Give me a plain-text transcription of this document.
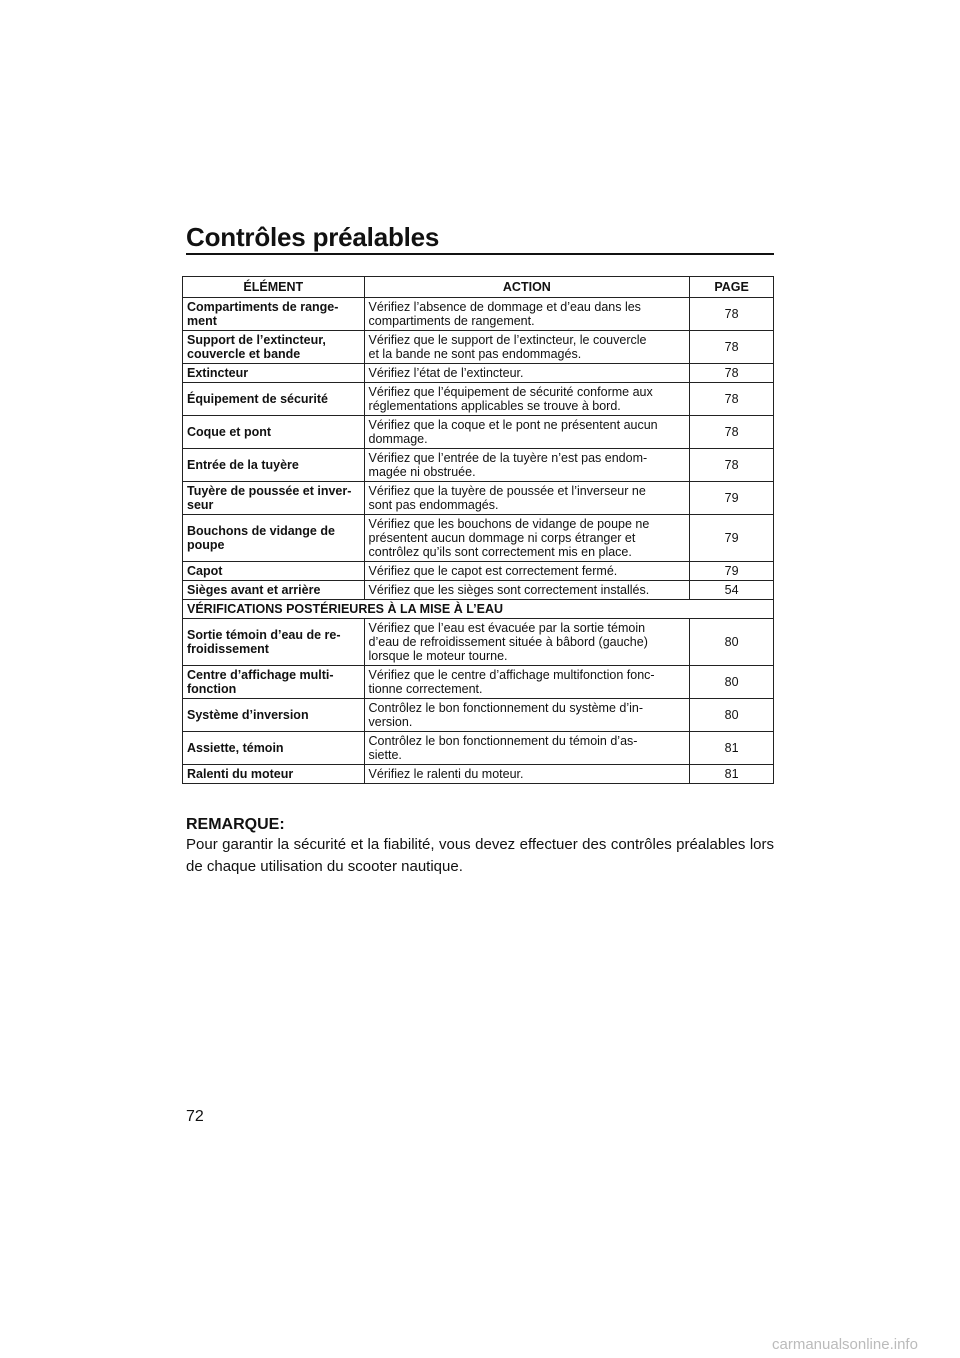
Contrôles préalables
ÉLÉMENT	ACTION	PAGE
Compartiments de range-
ment	Vérifiez l’absence de dommage et d’eau dans les
compartiments de rangement.	78
Support de l’extincteur,
couvercle et bande	Vérifiez que le support de l’extincteur, le couvercle
et la bande ne sont pas endommagés.	78
Extincteur	Vérifiez l’état de l’extincteur.	78
Équipement de sécurité	Vérifiez que l’équipement de sécurité conforme aux
réglementations applicables se trouve à bord.	78
Coque et pont	Vérifiez que la coque et le pont ne présentent aucun
dommage.	78
Entrée de la tuyère	Vérifiez que l’entrée de la tuyère n’est pas endom-
magée ni obstruée.	78
Tuyère de poussée et inver-
seur	Vérifiez que la tuyère de poussée et l’inverseur ne
sont pas endommagés.	79
Bouchons de vidange de
poupe	Vérifiez que les bouchons de vidange de poupe ne
présentent aucun dommage ni corps étranger et
contrôlez qu’ils sont correctement mis en place.	79
Capot	Vérifiez que le capot est correctement fermé.	79
Sièges avant et arrière	Vérifiez que les sièges sont correctement installés.	54
VÉRIFICATIONS POSTÉRIEURES À LA MISE À L’EAU		
Sortie témoin d’eau de re-
froidissement	Vérifiez que l’eau est évacuée par la sortie témoin
d’eau de refroidissement située à bâbord (gauche)
lorsque le moteur tourne.	80
Centre d’affichage multi-
fonction	Vérifiez que le centre d’affichage multifonction fonc-
tionne correctement.	80
Système d’inversion	Contrôlez le bon fonctionnement du système d’in-
version.	80
Assiette, témoin	Contrôlez le bon fonctionnement du témoin d’as-
siette.	81
Ralenti du moteur	Vérifiez le ralenti du moteur.	81
REMARQUE:
Pour garantir la sécurité et la fiabilité, vous devez effectuer des contrôles préalables lors de chaque utilisation du scooter nautique.
72
carmanualsonline.info
